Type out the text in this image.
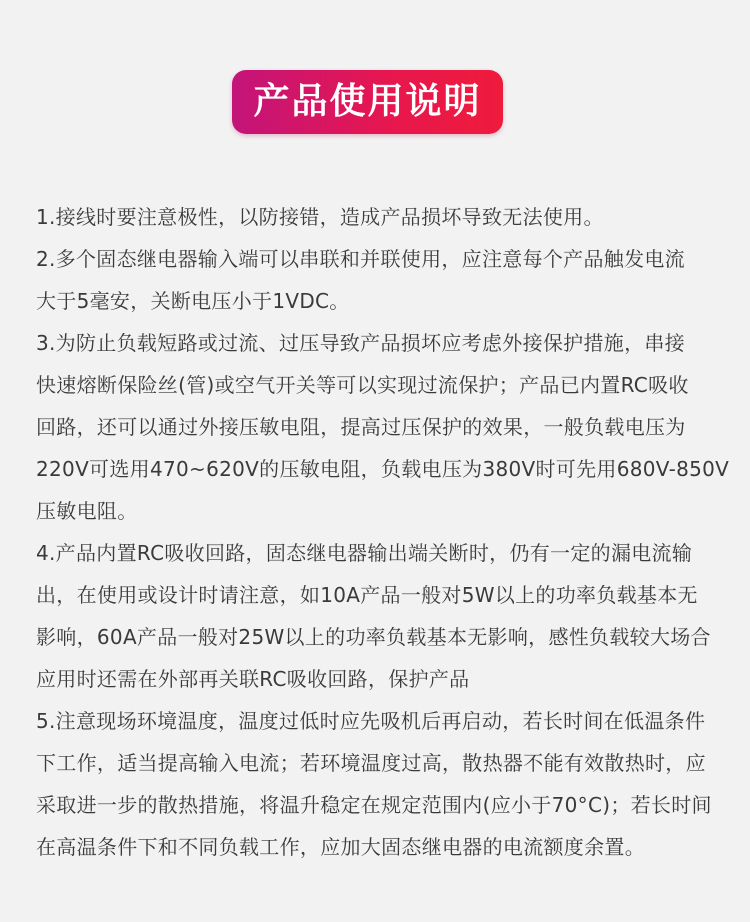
产品使用说明
1.接线时要注意极性，以防接错，造成产品损坏导致无法使用。
2.多个固态继电器输入端可以串联和并联使用，应注意每个产品触发电流
大于5毫安，关断电压小于1VDC。
3.为防止负载短路或过流、过压导致产品损坏应考虑外接保护措施，串接
快速熔断保险丝(管)或空气开关等可以实现过流保护；产品已内置RC吸收
回路，还可以通过外接压敏电阻，提高过压保护的效果，一般负载电压为
220V可选用470~620V的压敏电阻，负载电压为380V时可先用680V-850V
压敏电阻。
4.产品内置RC吸收回路，固态继电器输出端关断时，仍有一定的漏电流输
出，在使用或设计时请注意，如10A产品一般对5W以上的功率负载基本无
影响，60A产品一般对25W以上的功率负载基本无影响，感性负载较大场合
应用时还需在外部再关联RC吸收回路，保护产品
5.注意现场环境温度，温度过低时应先吸机后再启动，若长时间在低温条件
下工作，适当提高输入电流；若环境温度过高，散热器不能有效散热时，应
采取进一步的散热措施，将温升稳定在规定范围内(应小于70°C)；若长时间
在高温条件下和不同负载工作，应加大固态继电器的电流额度余置。
